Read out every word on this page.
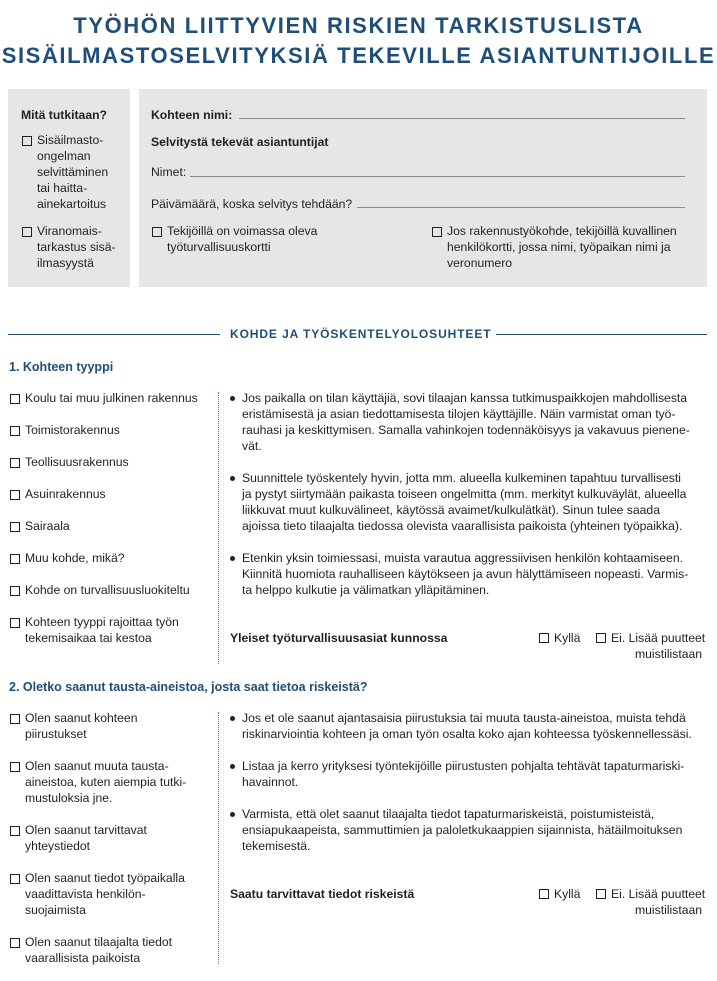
TYÖHÖN LIITTYVIEN RISKIEN TARKISTUSLISTA
SISÄILMASTOSELVITYKSIÄ TEKEVILLE ASIANTUNTIJOILLE
Mitä tutkitaan?
Sisäilmasto-
ongelman
selvittäminen
tai haitta-
ainekartoitus
Viranomais-
tarkastus sisä-
ilmasyystä
Kohteen nimi:
Selvitystä tekevät asiantuntijat
Nimet:
Päivämäärä, koska selvitys tehdään?
Tekijöillä on voimassa oleva
työturvallisuuskortti
Jos rakennustyökohde, tekijöillä kuvallinen
henkilökortti, jossa nimi, työpaikan nimi ja
veronumero
KOHDE JA TYÖSKENTELYOLOSUHTEET
1. Kohteen tyyppi
Koulu tai muu julkinen rakennus
Toimistorakennus
Teollisuusrakennus
Asuinrakennus
Sairaala
Muu kohde, mikä?
Kohde on turvallisuusluokiteltu
Kohteen tyyppi rajoittaa työn
tekemisaikaa tai kestoa
Jos paikalla on tilan käyttäjiä, sovi tilaajan kanssa tutkimuspaikkojen mahdollisesta
eristämisestä ja asian tiedottamisesta tilojen käyttäjille. Näin varmistat oman työ-
rauhasi ja keskittymisen. Samalla vahinkojen todennäköisyys ja vakavuus pienene-
vät.
Suunnittele työskentely hyvin, jotta mm. alueella kulkeminen tapahtuu turvallisesti
ja pystyt siirtymään paikasta toiseen ongelmitta (mm. merkityt kulkuväylät, alueella
liikkuvat muut kulkuvälineet, käytössä avaimet/kulkulätkät). Sinun tulee saada
ajoissa tieto tilaajalta tiedossa olevista vaarallisista paikoista (yhteinen työpaikka).
Etenkin yksin toimiessasi, muista varautua aggressiivisen henkilön kohtaamiseen.
Kiinnitä huomiota rauhalliseen käytökseen ja avun hälyttämiseen nopeasti. Varmis-
ta helppo kulkutie ja välimatkan ylläpitäminen.
Yleiset työturvallisuusasiat kunnossa	Kyllä	Ei. Lisää puutteet
muistilistaan
2. Oletko saanut tausta-aineistoa, josta saat tietoa riskeistä?
Olen saanut kohteen
piirustukset
Olen saanut muuta tausta-
aineistoa, kuten aiempia tutki-
mustuloksia jne.
Olen saanut tarvittavat
yhteystiedot
Olen saanut tiedot työpaikalla
vaadittavista henkilön-
suojaimista
Olen saanut tilaajalta tiedot
vaarallisista paikoista
Jos et ole saanut ajantasaisia piirustuksia tai muuta tausta-aineistoa, muista tehdä
riskinarviointia kohteen ja oman työn osalta koko ajan kohteessa työskennellessäsi.
Listaa ja kerro yrityksesi työntekijöille piirustusten pohjalta tehtävät tapaturmariski-
havainnot.
Varmista, että olet saanut tilaajalta tiedot tapaturmariskeistä, poistumisteistä,
ensiapukaapeista, sammuttimien ja paloletkukaappien sijainnista, hätäilmoituksen
tekemisestä.
Saatu tarvittavat tiedot riskeistä	Kyllä	Ei. Lisää puutteet
muistilistaan
